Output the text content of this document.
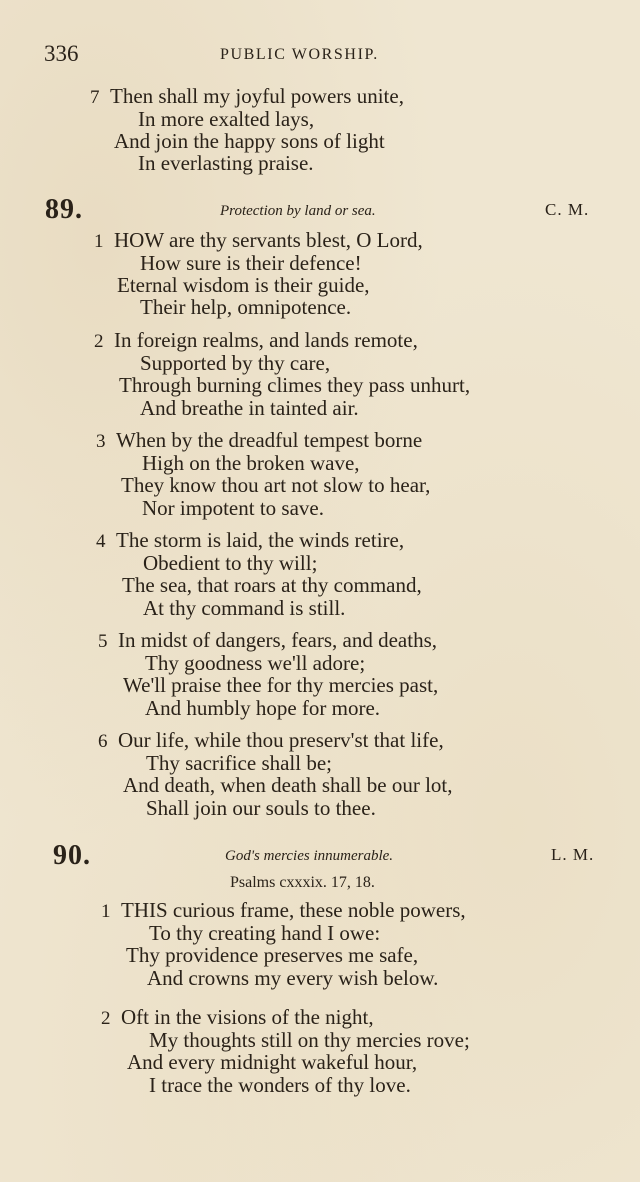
336	PUBLIC WORSHIP.
7 Then shall my joyful powers unite,
In more exalted lays,
And join the happy sons of light
In everlasting praise.
89.	Protection by land or sea.	C. M.
1 HOW are thy servants blest, O Lord,
How sure is their defence!
Eternal wisdom is their guide,
Their help, omnipotence.
2 In foreign realms, and lands remote,
Supported by thy care,
Through burning climes they pass unhurt,
And breathe in tainted air.
3 When by the dreadful tempest borne
High on the broken wave,
They know thou art not slow to hear,
Nor impotent to save.
4 The storm is laid, the winds retire,
Obedient to thy will;
The sea, that roars at thy command,
At thy command is still.
5 In midst of dangers, fears, and deaths,
Thy goodness we'll adore;
We'll praise thee for thy mercies past,
And humbly hope for more.
6 Our life, while thou preserv'st that life,
Thy sacrifice shall be;
And death, when death shall be our lot,
Shall join our souls to thee.
90.	God's mercies innumerable.	L. M.
Psalms cxxxix. 17, 18.
1 THIS curious frame, these noble powers,
To thy creating hand I owe:
Thy providence preserves me safe,
And crowns my every wish below.
2 Oft in the visions of the night,
My thoughts still on thy mercies rove;
And every midnight wakeful hour,
I trace the wonders of thy love.
